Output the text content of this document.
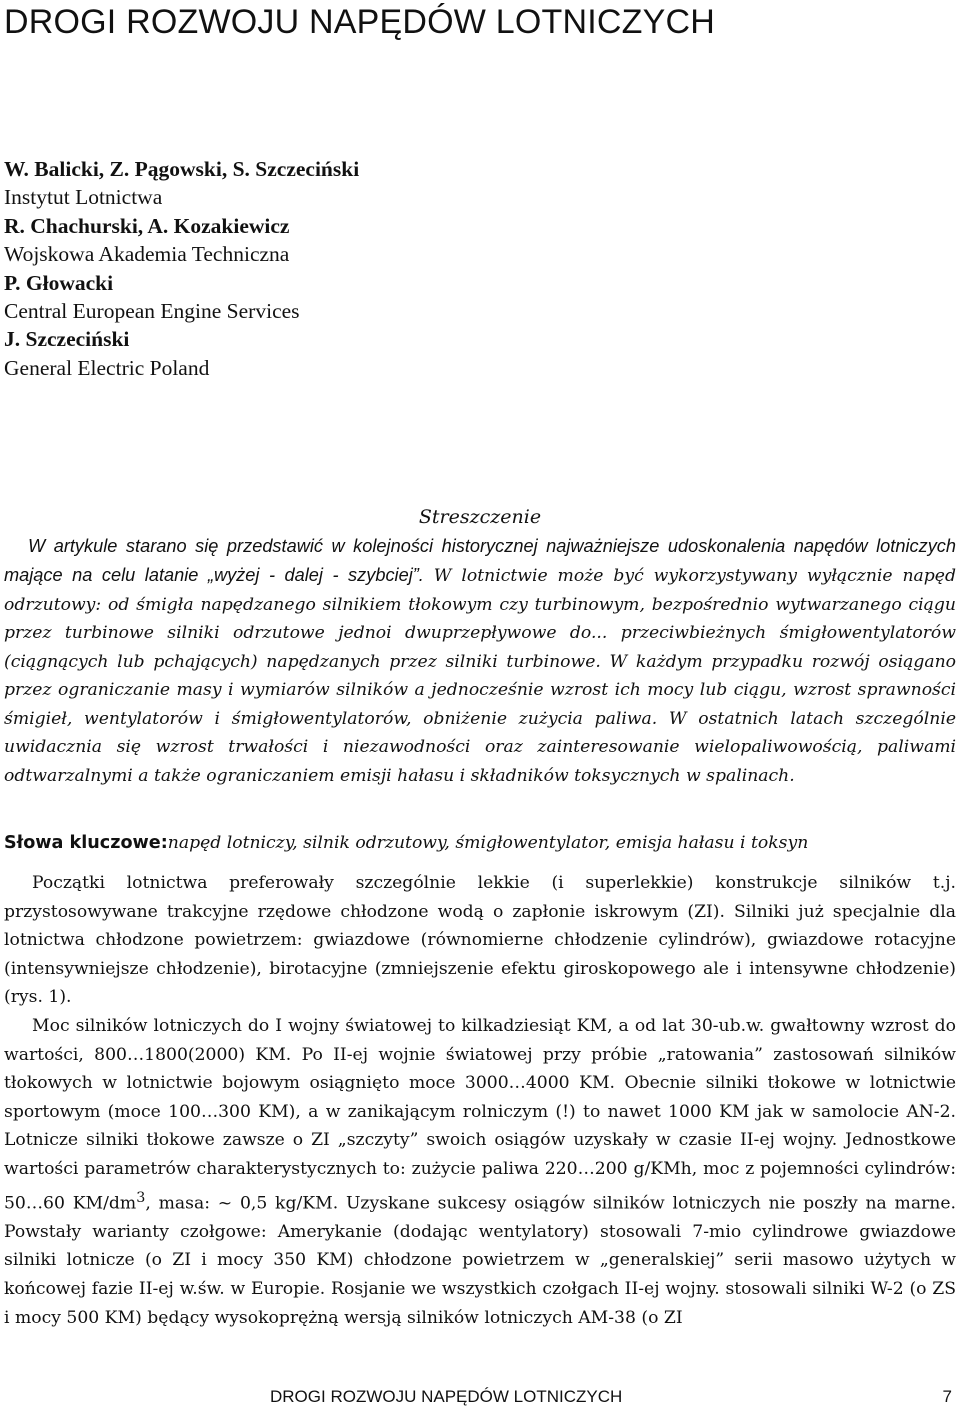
DROGI ROZWOJU NAPĘDÓW LOTNICZYCH
W. Balicki, Z. Pągowski, S. Szczeciński
Instytut Lotnictwa
R. Chachurski, A. Kozakiewicz
Wojskowa Akademia Techniczna
P. Głowacki
Central European Engine Services
J. Szczeciński
General Electric Poland
Streszczenie

W artykule starano się przedstawić w kolejności historycznej najważniejsze udoskonalenia napędów lotniczych mające na celu latanie „wyżej - dalej - szybciej”. W lotnictwie może być wykorzystywany wyłącznie napęd odrzutowy: od śmigła napędzanego silnikiem tłokowym czy turbinowym, bezpośrednio wytwarzanego ciągu przez turbinowe silniki odrzutowe jednoi dwuprzepływowe do... przeciwbieżnych śmigłowentylatorów (ciągnących lub pchających) napędzanych przez silniki turbinowe. W każdym przypadku rozwój osiągano przez ograniczanie masy i wymiarów silników a jednocześnie wzrost ich mocy lub ciągu, wzrost sprawności śmigieł, wentylatorów i śmigłowentylatorów, obniżenie zużycia paliwa. W ostatnich latach szczególnie uwidacznia się wzrost trwałości i niezawodności oraz zainteresowanie wielopaliwowością, paliwami odtwarzalnymi a także ograniczaniem emisji hałasu i składników toksycznych w spalinach.

Słowa kluczowe:napęd lotniczy, silnik odrzutowy, śmigłowentylator, emisja hałasu i toksyn

Początki lotnictwa preferowały szczególnie lekkie (i superlekkie) konstrukcje silników t.j. przystosowywane trakcyjne rzędowe chłodzone wodą o zapłonie iskrowym (ZI). Silniki już specjalnie dla lotnictwa chłodzone powietrzem: gwiazdowe (równomierne chłodzenie cylindrów), gwiazdowe rotacyjne (intensywniejsze chłodzenie), birotacyjne (zmniejszenie efektu giroskopowego ale i intensywne chłodzenie) (rys. 1).

Moc silników lotniczych do I wojny światowej to kilkadziesiąt KM, a od lat 30-ub.w. gwałtowny wzrost do wartości, 800…1800(2000) KM. Po II-ej wojnie światowej przy próbie „ratowania” zastosowań silników tłokowych w lotnictwie bojowym osiągnięto moce 3000…4000 KM. Obecnie silniki tłokowe w lotnictwie sportowym (moce 100…300 KM), a w zanikającym rolniczym (!) to nawet 1000 KM jak w samolocie AN-2. Lotnicze silniki tłokowe zawsze o ZI „szczyty” swoich osiągów uzyskały w czasie II-ej wojny. Jednostkowe wartości parametrów charakterystycznych to: zużycie paliwa 220…200 g/KMh, moc z pojemności cylindrów: 50…60 $KM/dm^3$, masa: ~ 0,5 kg/KM. Uzyskane sukcesy osiągów silników lotniczych nie poszły na marne. Powstały warianty czołgowe: Amerykanie (dodając wentylatory) stosowali 7-mio cylindrowe gwiazdowe silniki lotnicze (o ZI i mocy 350 KM) chłodzone powietrzem w „generalskiej” serii masowo użytych w końcowej fazie II-ej w.św. w Europie. Rosjanie we wszystkich czołgach II-ej wojny. stosowali silniki W-2 (o ZS i mocy 500 KM) będący wysokoprężną wersją silników lotniczych AM-38 (o ZI

DROGI ROZWOJU NAPĘDÓW LOTNICZYCH	7
